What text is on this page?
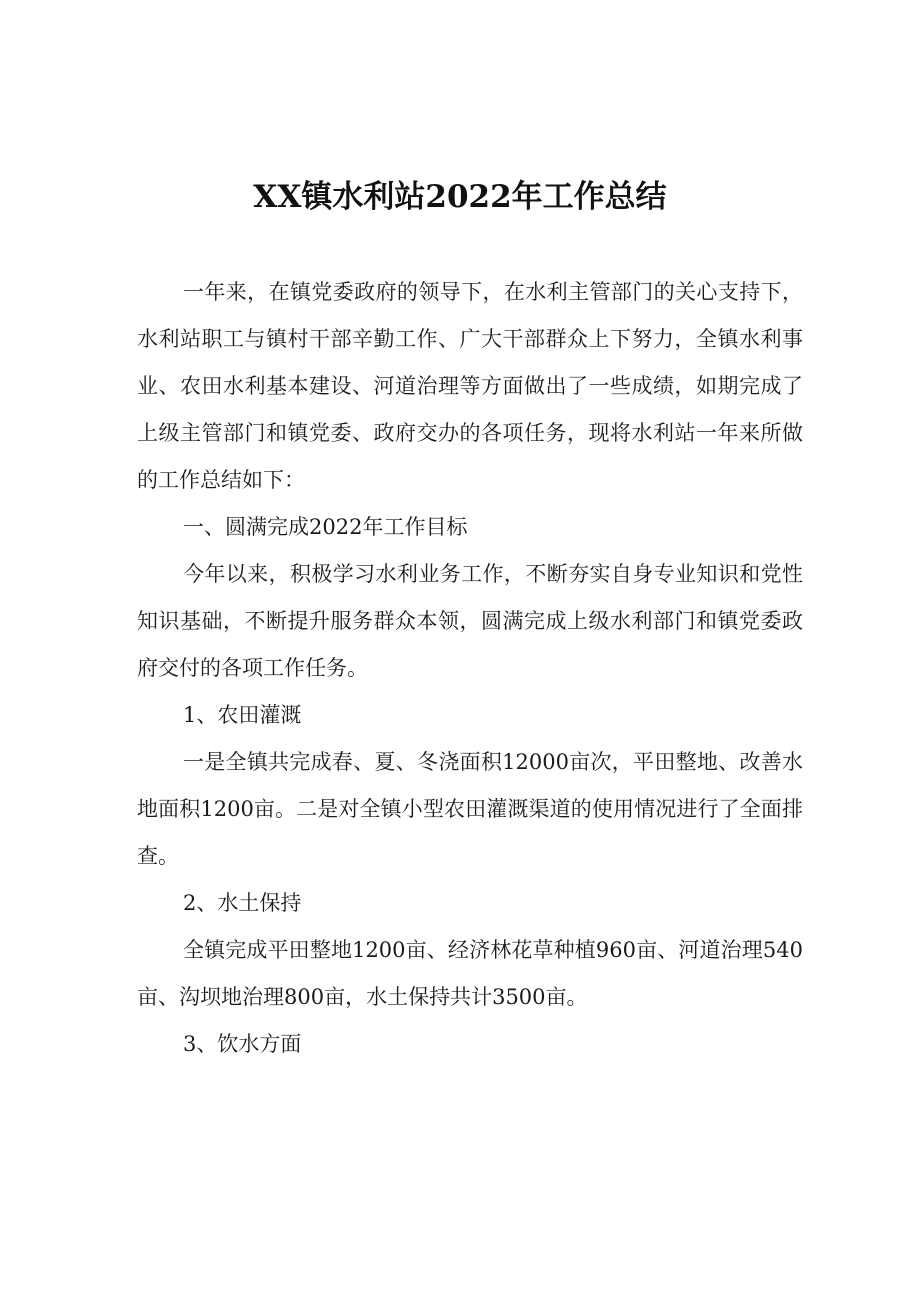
XX镇水利站2022年工作总结

一年来，在镇党委政府的领导下，在水利主管部门的关心支持下，水利站职工与镇村干部辛勤工作、广大干部群众上下努力，全镇水利事业、农田水利基本建设、河道治理等方面做出了一些成绩，如期完成了上级主管部门和镇党委、政府交办的各项任务，现将水利站一年来所做的工作总结如下：

一、圆满完成2022年工作目标

今年以来，积极学习水利业务工作，不断夯实自身专业知识和党性知识基础，不断提升服务群众本领，圆满完成上级水利部门和镇党委政府交付的各项工作任务。

1、农田灌溉

一是全镇共完成春、夏、冬浇面积12000亩次，平田整地、改善水地面积1200亩。二是对全镇小型农田灌溉渠道的使用情况进行了全面排查。

2、水土保持

全镇完成平田整地1200亩、经济林花草种植960亩、河道治理540亩、沟坝地治理800亩，水土保持共计3500亩。

3、饮水方面
